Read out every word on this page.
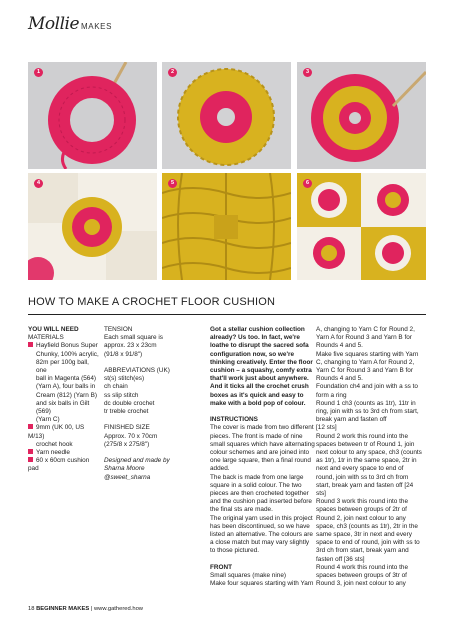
Mollie MAKES
1	2	3
4	5	6
HOW TO MAKE A CROCHET FLOOR CUSHION

YOU WILL NEED

MATERIALS

Hayfield Bonus Super

Chunky, 100% acrylic,

82m per 100g ball, one

ball in Magenta (564)

(Yarn A), four balls in

Cream (812) (Yarn B)

and six balls in Gilt (569)

(Yarn C)

9mm (UK 00, US M/13)

crochet hook

Yarn needle

60 x 60cm cushion pad

TENSION

Each small square is

approx. 23 x 23cm

(91/8 x 91/8")

ABBREVIATIONS (UK)

st(s) stitch(es)

ch chain

ss slip stitch

dc double crochet

tr treble crochet

FINISHED SIZE

Approx. 70 x 70cm

(275/8 x 275/8")

Designed and made by

Sharna Moore

@sweet_sharna

Got a stellar cushion collection

already? Us too. In fact, we're

loathe to disrupt the sacred sofa

configuration now, so we're

thinking creatively. Enter the floor

cushion – a squashy, comfy extra

that'll work just about anywhere.

And it ticks all the crochet crush

boxes as it's quick and easy to

make with a bold pop of colour.

INSTRUCTIONS

The cover is made from two different

pieces. The front is made of nine

small squares which have alternating

colour schemes and are joined into

one large square, then a final round

added.

The back is made from one large

square in a solid colour. The two

pieces are then crocheted together

and the cushion pad inserted before

the final sts are made.

The original yarn used in this project

has been discontinued, so we have

listed an alternative. The colours are

a close match but may vary slightly

to those pictured.

FRONT

Small squares (make nine)

Make four squares starting with Yarn

A, changing to Yarn C for Round 2,

Yarn A for Round 3 and Yarn B for

Rounds 4 and 5.

Make five squares starting with Yarn

C, changing to Yarn A for Round 2,

Yarn C for Round 3 and Yarn B for

Rounds 4 and 5.

Foundation ch4 and join with a ss to

form a ring

Round 1 ch3 (counts as 1tr), 11tr in

ring, join with ss to 3rd ch from start,

break yarn and fasten off

[12 sts]

Round 2 work this round into the

spaces between tr of Round 1, join

next colour to any space, ch3 (counts

as 1tr), 1tr in the same space, 2tr in

next and every space to end of

round, join with ss to 3rd ch from

start, break yarn and fasten off [24

sts]

Round 3 work this round into the

spaces between groups of 2tr of

Round 2, join next colour to any

space, ch3 (counts as 1tr), 2tr in the

same space, 3tr in next and every

space to end of round, join with ss to

3rd ch from start, break yarn and

fasten off [36 sts]

Round 4 work this round into the

spaces between groups of 3tr of

Round 3, join next colour to any

18 BEGINNER MAKES | www.gathered.how
